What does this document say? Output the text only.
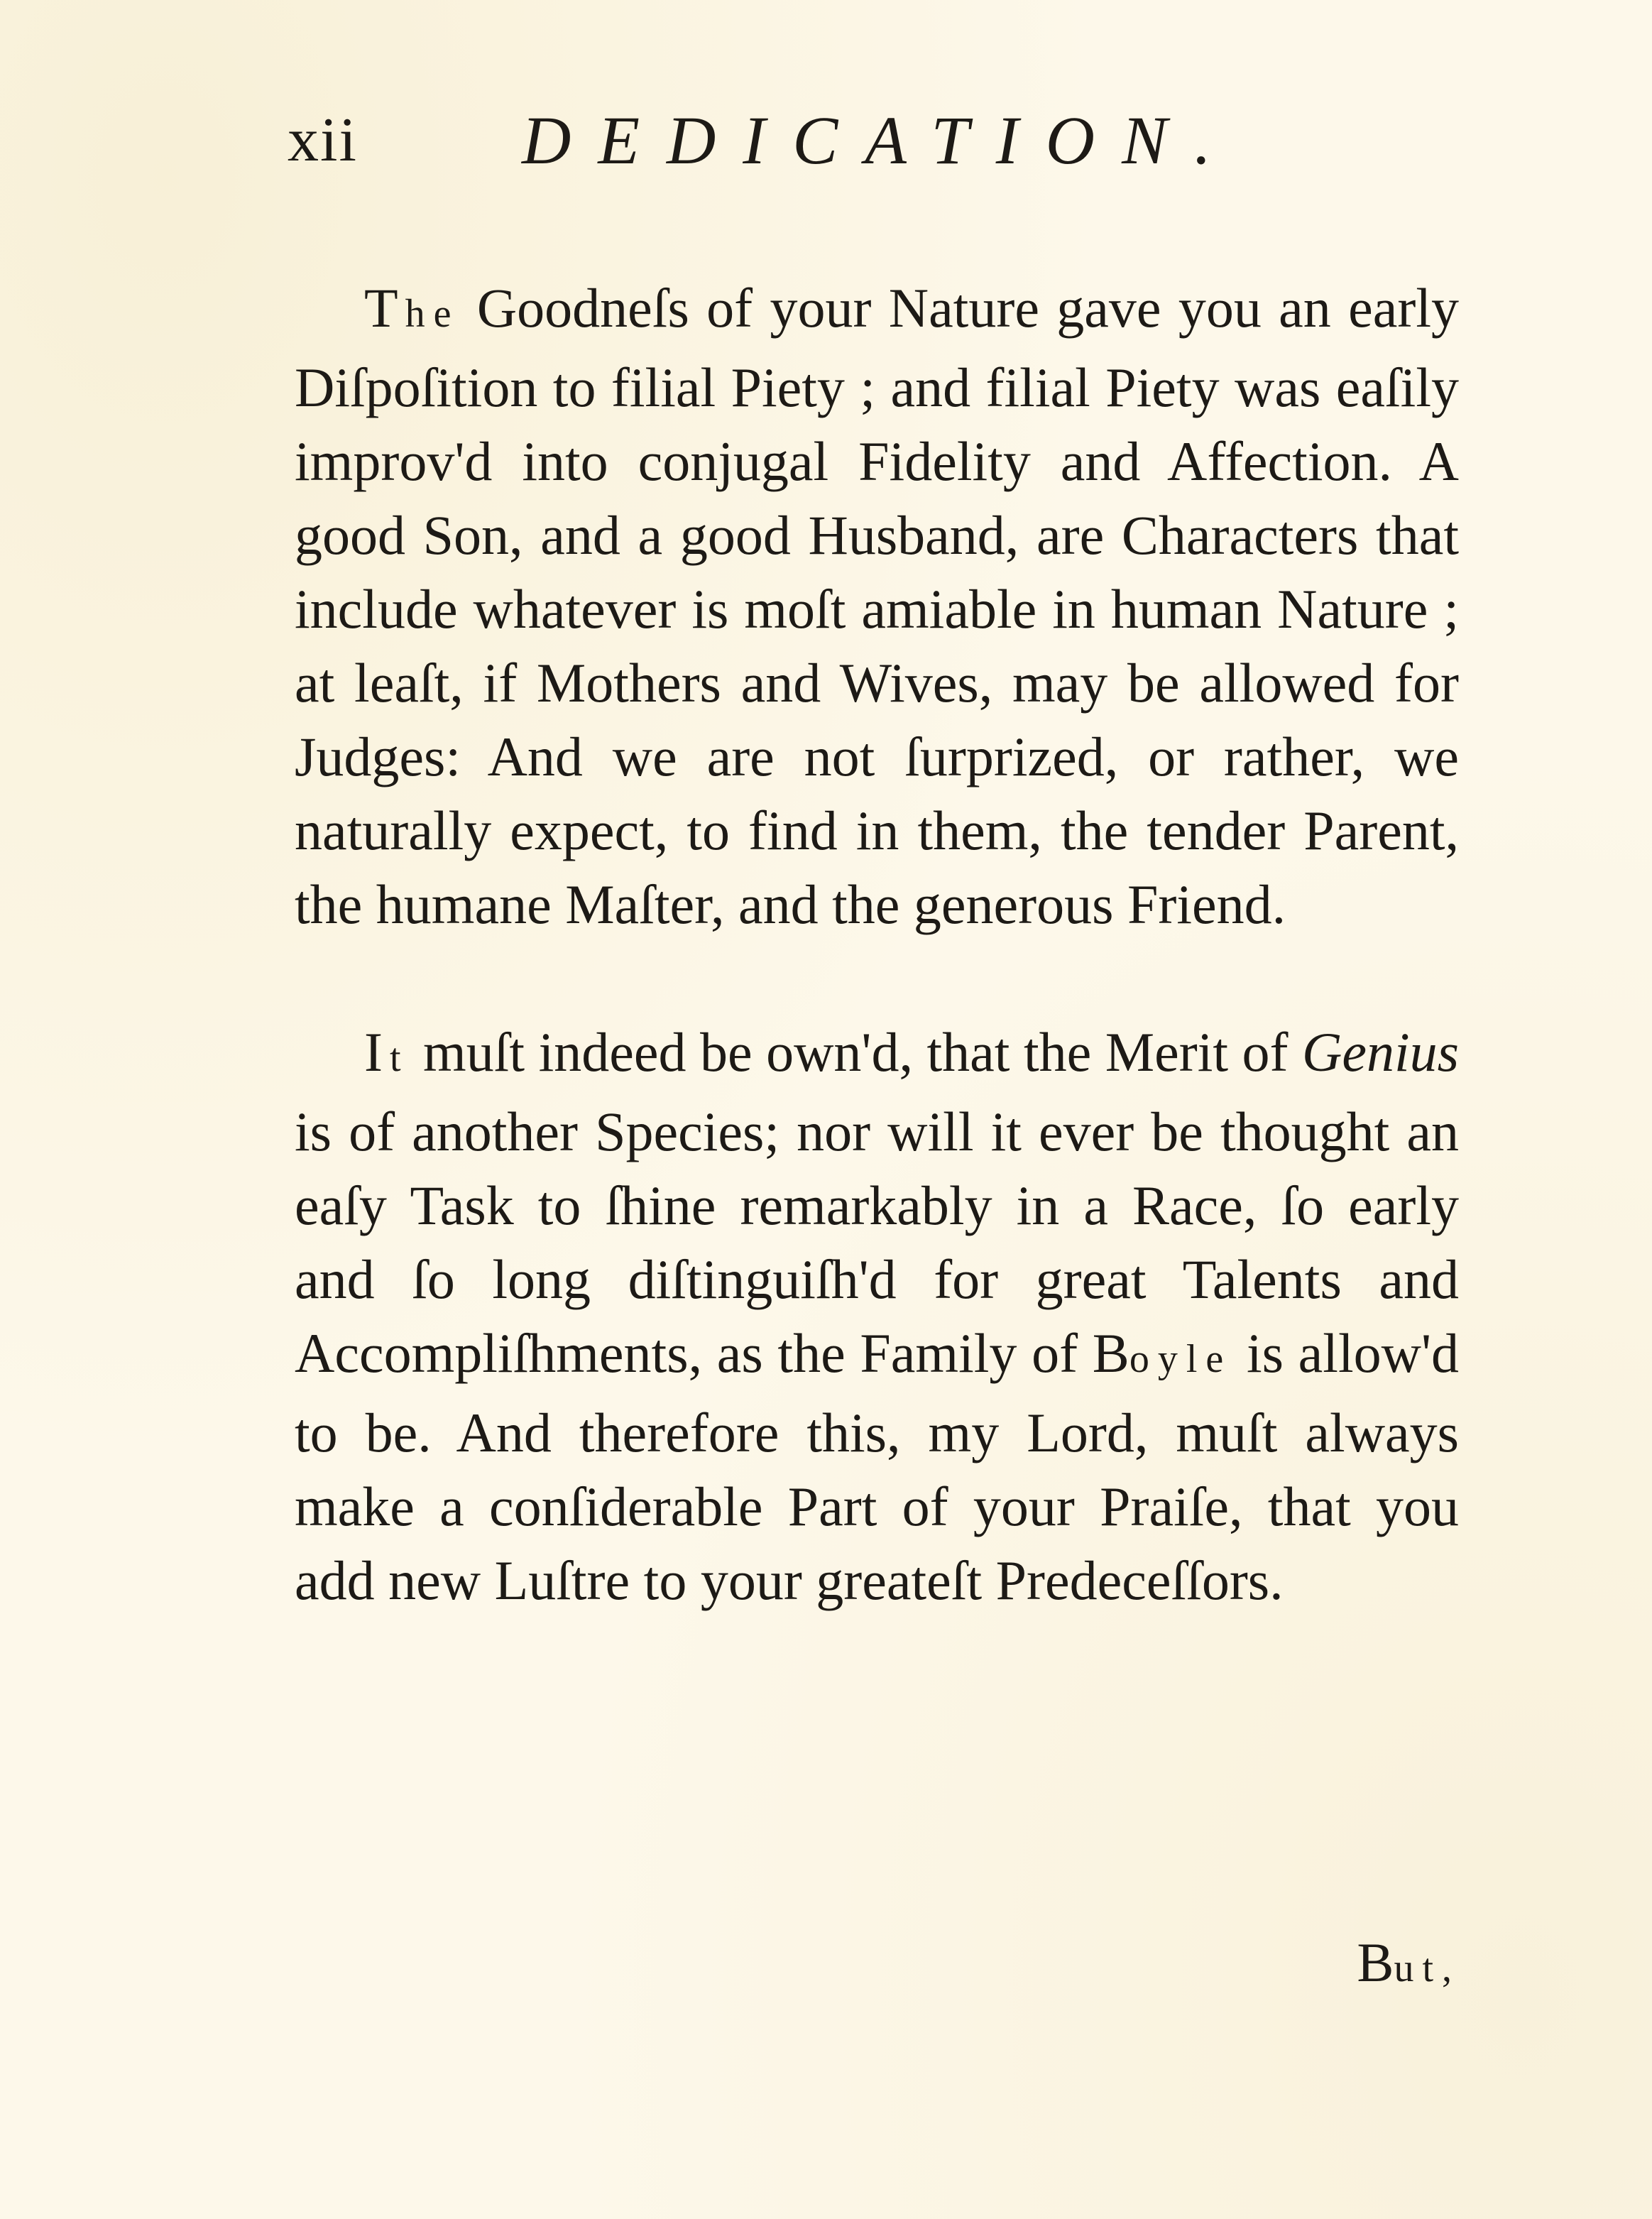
xii DEDICATION.

The Goodneſs of your Nature gave you an early Diſpoſition to filial Piety ; and filial Piety was eaſily improv'd into conjugal Fidelity and Affection. A good Son, and a good Husband, are Characters that include whatever is moſt amiable in human Nature ; at leaſt, if Mothers and Wives, may be allowed for Judges: And we are not ſurprized, or rather, we naturally expect, to find in them, the tender Parent, the humane Maſter, and the generous Friend.

It muſt indeed be own'd, that the Merit of Genius is of another Species; nor will it ever be thought an eaſy Task to ſhine remarkably in a Race, ſo early and ſo long diſtinguiſh'd for great Talents and Accompliſhments, as the Family of Boyle is allow'd to be. And therefore this, my Lord, muſt always make a conſiderable Part of your Praiſe, that you add new Luſtre to your greateſt Predeceſſors.

But,
